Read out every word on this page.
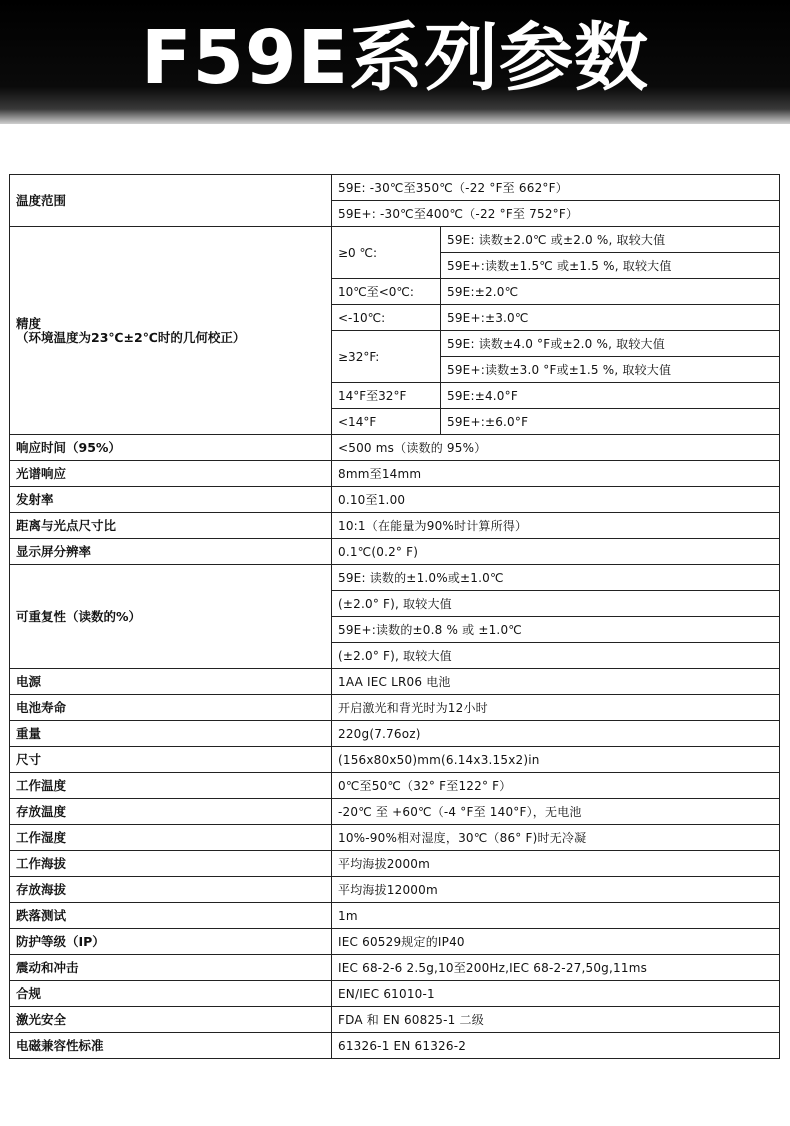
F59E系列参数
温度范围	59E: -30℃至350℃（-22 °F至 662°F）	
	59E+: -30℃至400℃（-22 °F至 752°F）	
精度
（环境温度为23℃±2℃时的几何校正）	≥0 ℃:	59E: 读数±2.0℃ 或±2.0 %, 取较大值
		59E+:读数±1.5℃ 或±1.5 %, 取较大值
	10℃至<0℃:	59E:±2.0℃
	<-10℃:	59E+:±3.0℃
	≥32°F:	59E: 读数±4.0 °F或±2.0 %, 取较大值
		59E+:读数±3.0 °F或±1.5 %, 取较大值
	14°F至32°F	59E:±4.0°F
	<14°F	59E+:±6.0°F
响应时间（95%）	<500 ms（读数的 95%）	
光谱响应	8mm至14mm	
发射率	0.10至1.00	
距离与光点尺寸比	10:1（在能量为90%时计算所得）	
显示屏分辨率	0.1℃(0.2° F)	
可重复性（读数的%）	59E: 读数的±1.0%或±1.0℃	
	(±2.0° F), 取较大值	
	59E+:读数的±0.8 % 或 ±1.0℃	
	(±2.0° F), 取较大值	
电源	1AA IEC LR06 电池	
电池寿命	开启激光和背光时为12小时	
重量	220g(7.76oz)	
尺寸	(156x80x50)mm(6.14x3.15x2)in	
工作温度	0℃至50℃（32° F至122° F）	
存放温度	-20℃ 至 +60℃（-4 °F至 140°F），无电池	
工作湿度	10%-90%相对湿度，30℃（86° F)时无冷凝	
工作海拔	平均海拔2000m	
存放海拔	平均海拔12000m	
跌落测试	1m	
防护等级（IP）	IEC 60529规定的IP40	
震动和冲击	IEC 68-2-6 2.5g,10至200Hz,IEC 68-2-27,50g,11ms	
合规	EN/IEC 61010-1	
激光安全	FDA 和 EN 60825-1 二级	
电磁兼容性标准	61326-1 EN 61326-2	
